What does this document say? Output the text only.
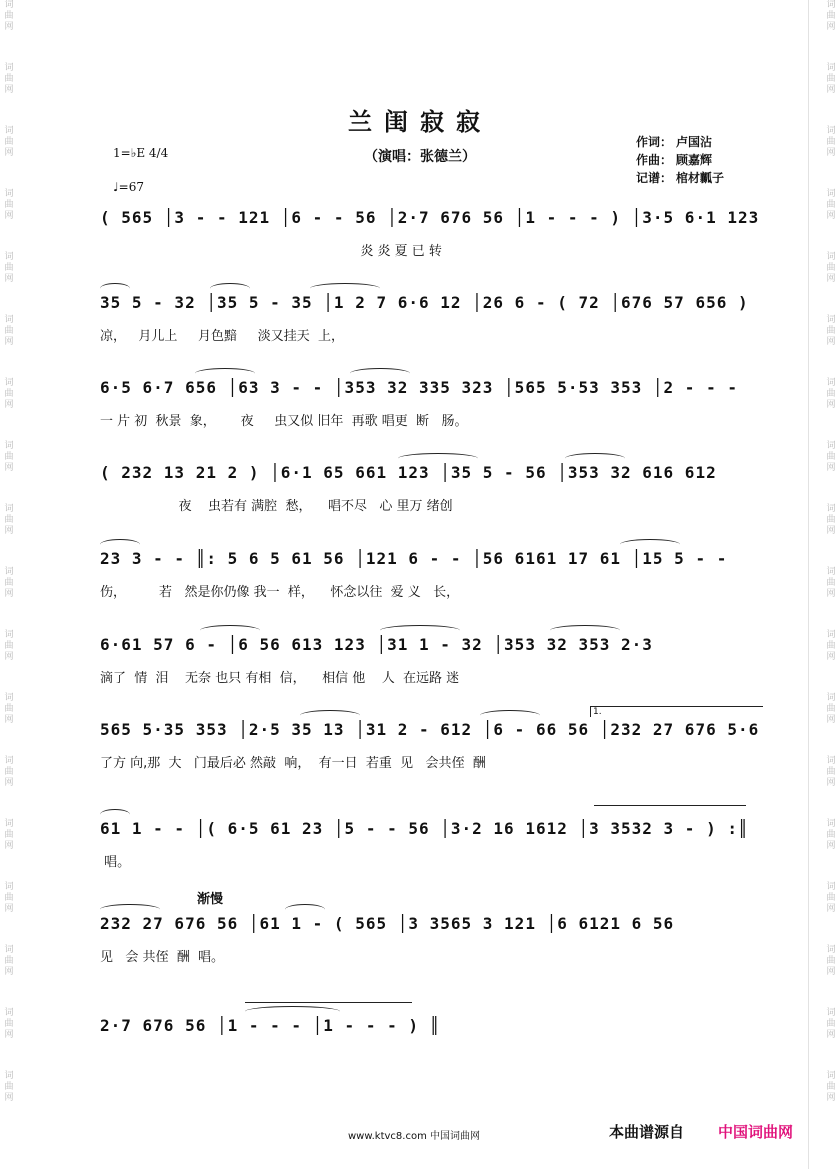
词曲网
词曲网
词曲网
词曲网
词曲网
词曲网
词曲网
词曲网
词曲网
词曲网
词曲网
词曲网
词曲网
词曲网
词曲网
词曲网
词曲网
词曲网
词曲网
词曲网
词曲网
词曲网
词曲网
词曲网
词曲网
词曲网
词曲网
词曲网
词曲网
词曲网
词曲网
词曲网
词曲网
词曲网
词曲网
词曲网
兰闺寂寂
（演唱：张德兰）
作词： 卢国沾
作曲： 顾嘉辉
记谱： 棺材瓤子
1=♭E 4/4
♩=67
( 565 │3 - - 121 │6 - - 56 │2·7 676 56 │1 - - - ) │3·5 6·1 123
炎 炎 夏 已 转
35 5 - 32 │35 5 - 35 │1 2 7 6·6 12 │26 6 - ( 72 │676 57 656 )
凉，   月儿上     月色黯     淡又挂天  上，
6·5 6·7 656 │63 3 - - │353 32 335 323 │565 5·53 353 │2 - - -
一 片 初  秋景  象，      夜     虫又似 旧年  再歌 唱更  断   肠。
( 232 13 21 2 ) │6·1 65 661 123 │35 5 - 56 │353 32 616 612
夜    虫若有 满腔  愁，    唱不尽   心 里万 绪创
23 3 - - ║: 5 6 5 61 56 │121 6 - - │56 6161 17 61 │15 5 - -
伤，        若   然是你仍像 我一  样，    怀念以往  爱 义   长，
6·61 57 6 - │6 56 613 123 │31 1 - 32 │353 32 353 2·3
滴了  情  泪    无奈 也只 有相  信，    相信 他    人  在远路 迷
1.
565 5·35 353 │2·5 35 13 │31 2 - 612 │6 - 66 56 │232 27 676 5·6
了方 向,那  大   门最后必 然敲  响，  有一日  若重  见   会共侄  酬
61 1 - - │( 6·5 61 23 │5 - - 56 │3·2 16 1612 │3 3532 3 - ) :║
唱。
渐慢
232 27 676 56 │61 1 - ( 565 │3 3565 3 121 │6 6121 6 56
见   会 共侄  酬  唱。
2·7 676 56 │1 - - - │1 - - - ) ║
www.ktvc8.com 中国词曲网	本曲谱源自 中国词曲网
